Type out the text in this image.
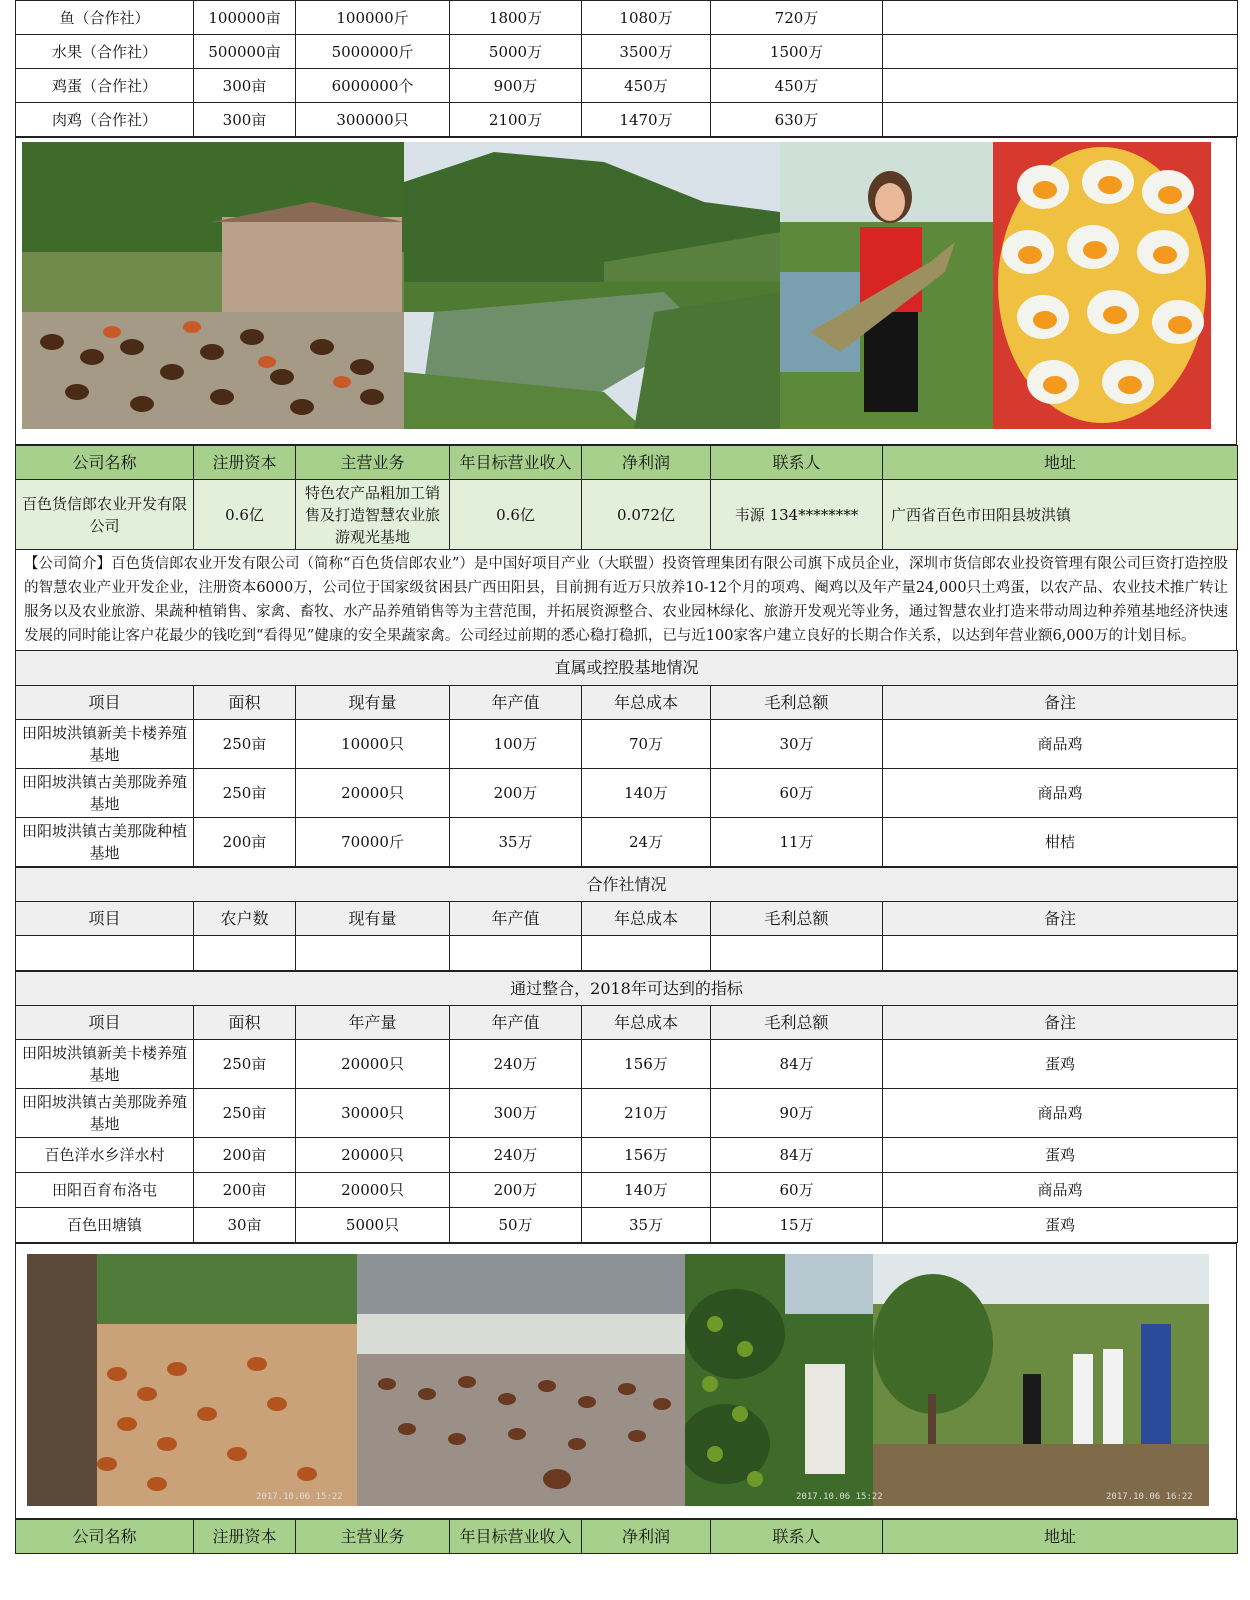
鱼（合作社）	100000亩	100000斤	1800万	1080万	720万	
水果（合作社）	500000亩	5000000斤	5000万	3500万	1500万	
鸡蛋（合作社）	300亩	6000000个	900万	450万	450万	
肉鸡（合作社）	300亩	300000只	2100万	1470万	630万	
公司名称	注册资本	主营业务	年目标营业收入	净利润	联系人	地址
百色货信郎农业开发有限公司	0.6亿	特色农产品粗加工销售及打造智慧农业旅游观光基地	0.6亿	0.072亿	韦源 134********	广西省百色市田阳县坡洪镇
【公司简介】百色货信郎农业开发有限公司（简称“百色货信郎农业”）是中国好项目产业（大联盟）投资管理集团有限公司旗下成员企业，深圳市货信郎农业投资管理有限公司巨资打造控股的智慧农业产业开发企业，注册资本6000万，公司位于国家级贫困县广西田阳县，目前拥有近万只放养10-12个月的项鸡、阉鸡以及年产量24,000只土鸡蛋，以农产品、农业技术推广转让服务以及农业旅游、果蔬种植销售、家禽、畜牧、水产品养殖销售等为主营范围，并拓展资源整合、农业园林绿化、旅游开发观光等业务，通过智慧农业打造来带动周边种养殖基地经济快速发展的同时能让客户花最少的钱吃到“看得见”健康的安全果蔬家禽。公司经过前期的悉心稳打稳抓，已与近100家客户建立良好的长期合作关系，以达到年营业额6,000万的计划目标。
直属或控股基地情况						
项目	面积	现有量	年产值	年总成本	毛利总额	备注
田阳坡洪镇新美卡楼养殖基地	250亩	10000只	100万	70万	30万	商品鸡
田阳坡洪镇古美那陇养殖基地	250亩	20000只	200万	140万	60万	商品鸡
田阳坡洪镇古美那陇种植基地	200亩	70000斤	35万	24万	11万	柑桔
合作社情况						
项目	农户数	现有量	年产值	年总成本	毛利总额	备注

通过整合，2018年可达到的指标						
项目	面积	年产量	年产值	年总成本	毛利总额	备注
田阳坡洪镇新美卡楼养殖基地	250亩	20000只	240万	156万	84万	蛋鸡
田阳坡洪镇古美那陇养殖基地	250亩	30000只	300万	210万	90万	商品鸡
百色洋水乡洋水村	200亩	20000只	240万	156万	84万	蛋鸡
田阳百育布洛屯	200亩	20000只	200万	140万	60万	商品鸡
百色田塘镇	30亩	5000只	50万	35万	15万	蛋鸡
2017.10.06 15:22	2017.10.06 15:22	2017.10.06 16:22
公司名称	注册资本	主营业务	年目标营业收入	净利润	联系人	地址
